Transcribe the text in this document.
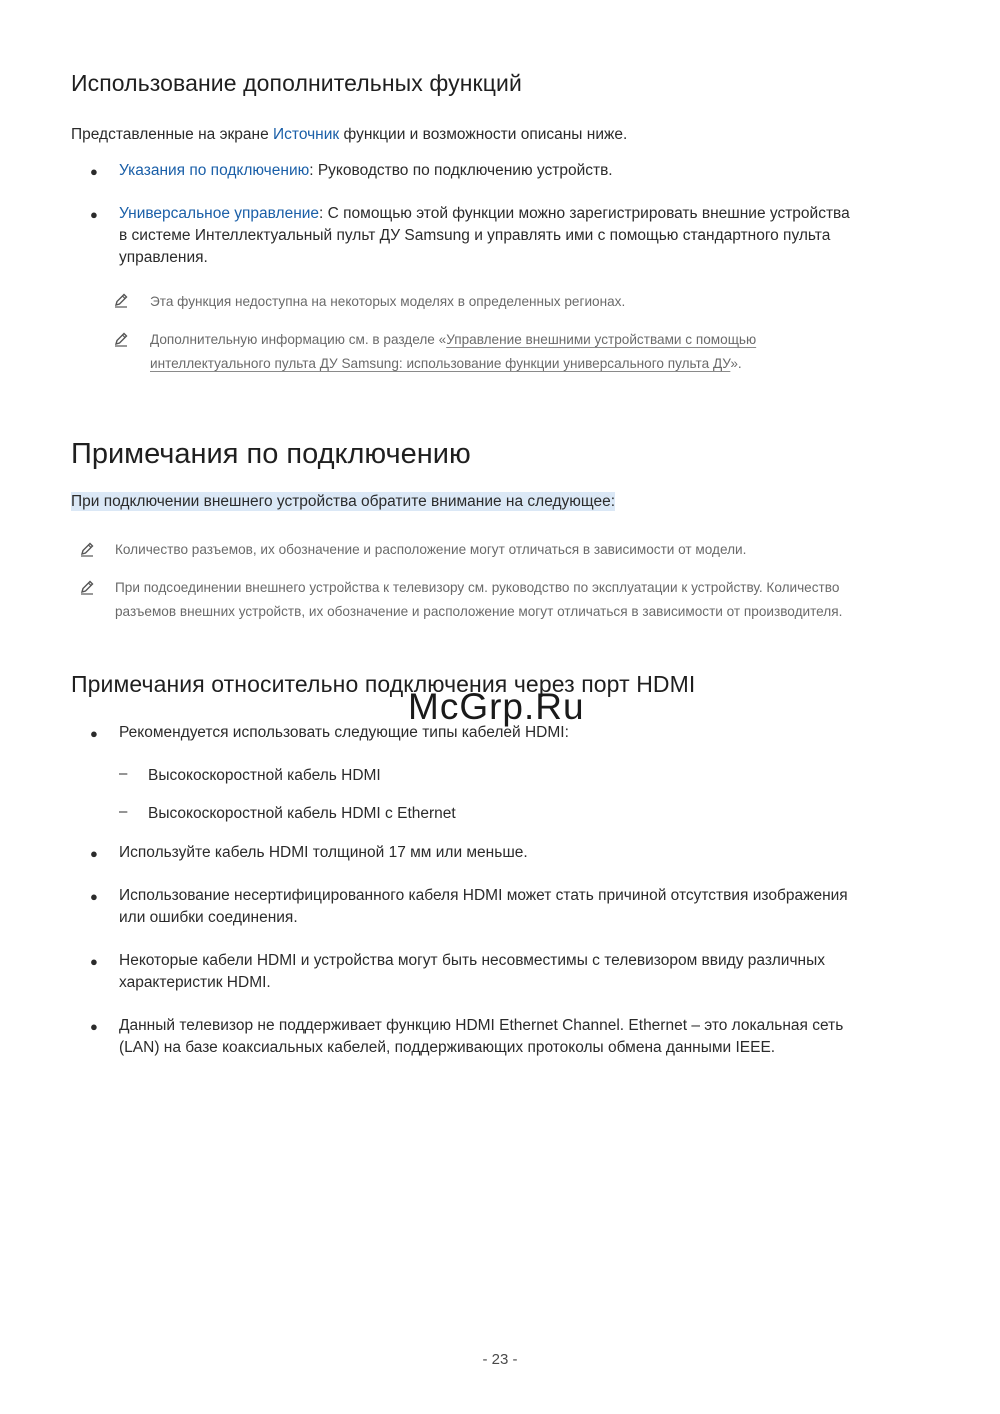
Использование дополнительных функций
Представленные на экране Источник функции и возможности описаны ниже.
● Указания по подключению: Руководство по подключению устройств.
● Универсальное управление: С помощью этой функции можно зарегистрировать внешние устройства
в системе Интеллектуальный пульт ДУ Samsung и управлять ими с помощью стандартного пульта
управления.
Эта функция недоступна на некоторых моделях в определенных регионах.
Дополнительную информацию см. в разделе «Управление внешними устройствами с помощью
интеллектуального пульта ДУ Samsung: использование функции универсального пульта ДУ».
Примечания по подключению
При подключении внешнего устройства обратите внимание на следующее:
Количество разъемов, их обозначение и расположение могут отличаться в зависимости от модели.
При подсоединении внешнего устройства к телевизору см. руководство по эксплуатации к устройству. Количество
разъемов внешних устройств, их обозначение и расположение могут отличаться в зависимости от производителя.
Примечания относительно подключения через порт HDMI
McGrp.Ru
● Рекомендуется использовать следующие типы кабелей HDMI:
– Высокоскоростной кабель HDMI
– Высокоскоростной кабель HDMI с Ethernet
● Используйте кабель HDMI толщиной 17 мм или меньше.
● Использование несертифицированного кабеля HDMI может стать причиной отсутствия изображения
или ошибки соединения.
● Некоторые кабели HDMI и устройства могут быть несовместимы с телевизором ввиду различных
характеристик HDMI.
● Данный телевизор не поддерживает функцию HDMI Ethernet Channel. Ethernet – это локальная сеть
(LAN) на базе коаксиальных кабелей, поддерживающих протоколы обмена данными IEEE.
- 23 -
